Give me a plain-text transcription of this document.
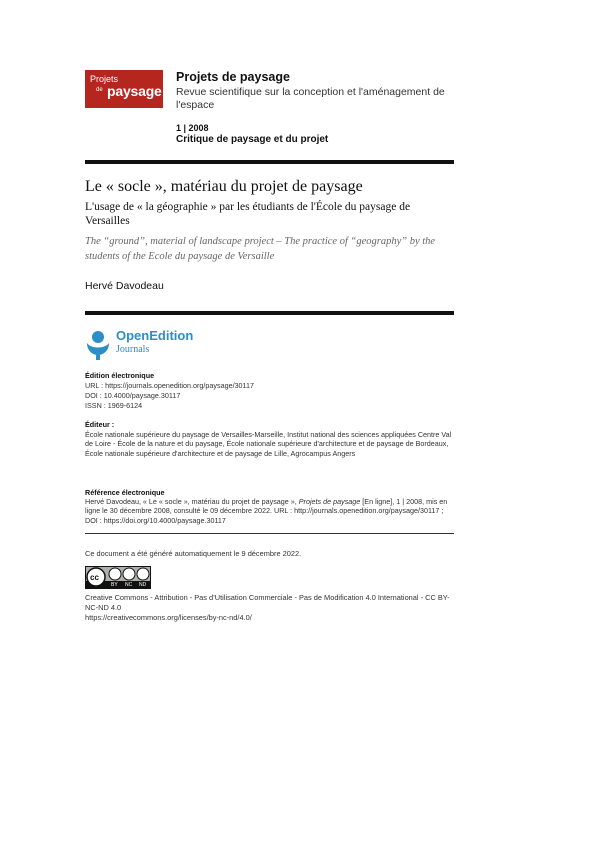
Projets
de paysage
Projets de paysage
Revue scientifique sur la conception et l'aménagement de l'espace
1 | 2008
Critique de paysage et du projet
Le « socle », matériau du projet de paysage
L'usage de « la géographie » par les étudiants de l'École du paysage de Versailles
The “ground”, material of landscape project – The practice of “geography” by the students of the Ecole du paysage de Versaille
Hervé Davodeau
OpenEdition
Journals
Édition électronique
URL : https://journals.openedition.org/paysage/30117
DOI : 10.4000/paysage.30117
ISSN : 1969-6124
Éditeur :
École nationale supérieure du paysage de Versailles-Marseille, Institut national des sciences appliquées Centre Val de Loire - École de la nature et du paysage, École nationale supérieure d'architecture et de paysage de Bordeaux, École nationale supérieure d'architecture et de paysage de Lille, Agrocampus Angers
Référence électronique
Hervé Davodeau, « Le « socle », matériau du projet de paysage », Projets de paysage [En ligne], 1 | 2008, mis en ligne le 30 décembre 2008, consulté le 09 décembre 2022. URL : http://journals.openedition.org/paysage/30117 ; DOI : https://doi.org/10.4000/paysage.30117
Ce document a été généré automatiquement le 9 décembre 2022.
cc
BY NC ND
Creative Commons - Attribution - Pas d’Utilisation Commerciale - Pas de Modification 4.0 International - CC BY-NC-ND 4.0
https://creativecommons.org/licenses/by-nc-nd/4.0/
